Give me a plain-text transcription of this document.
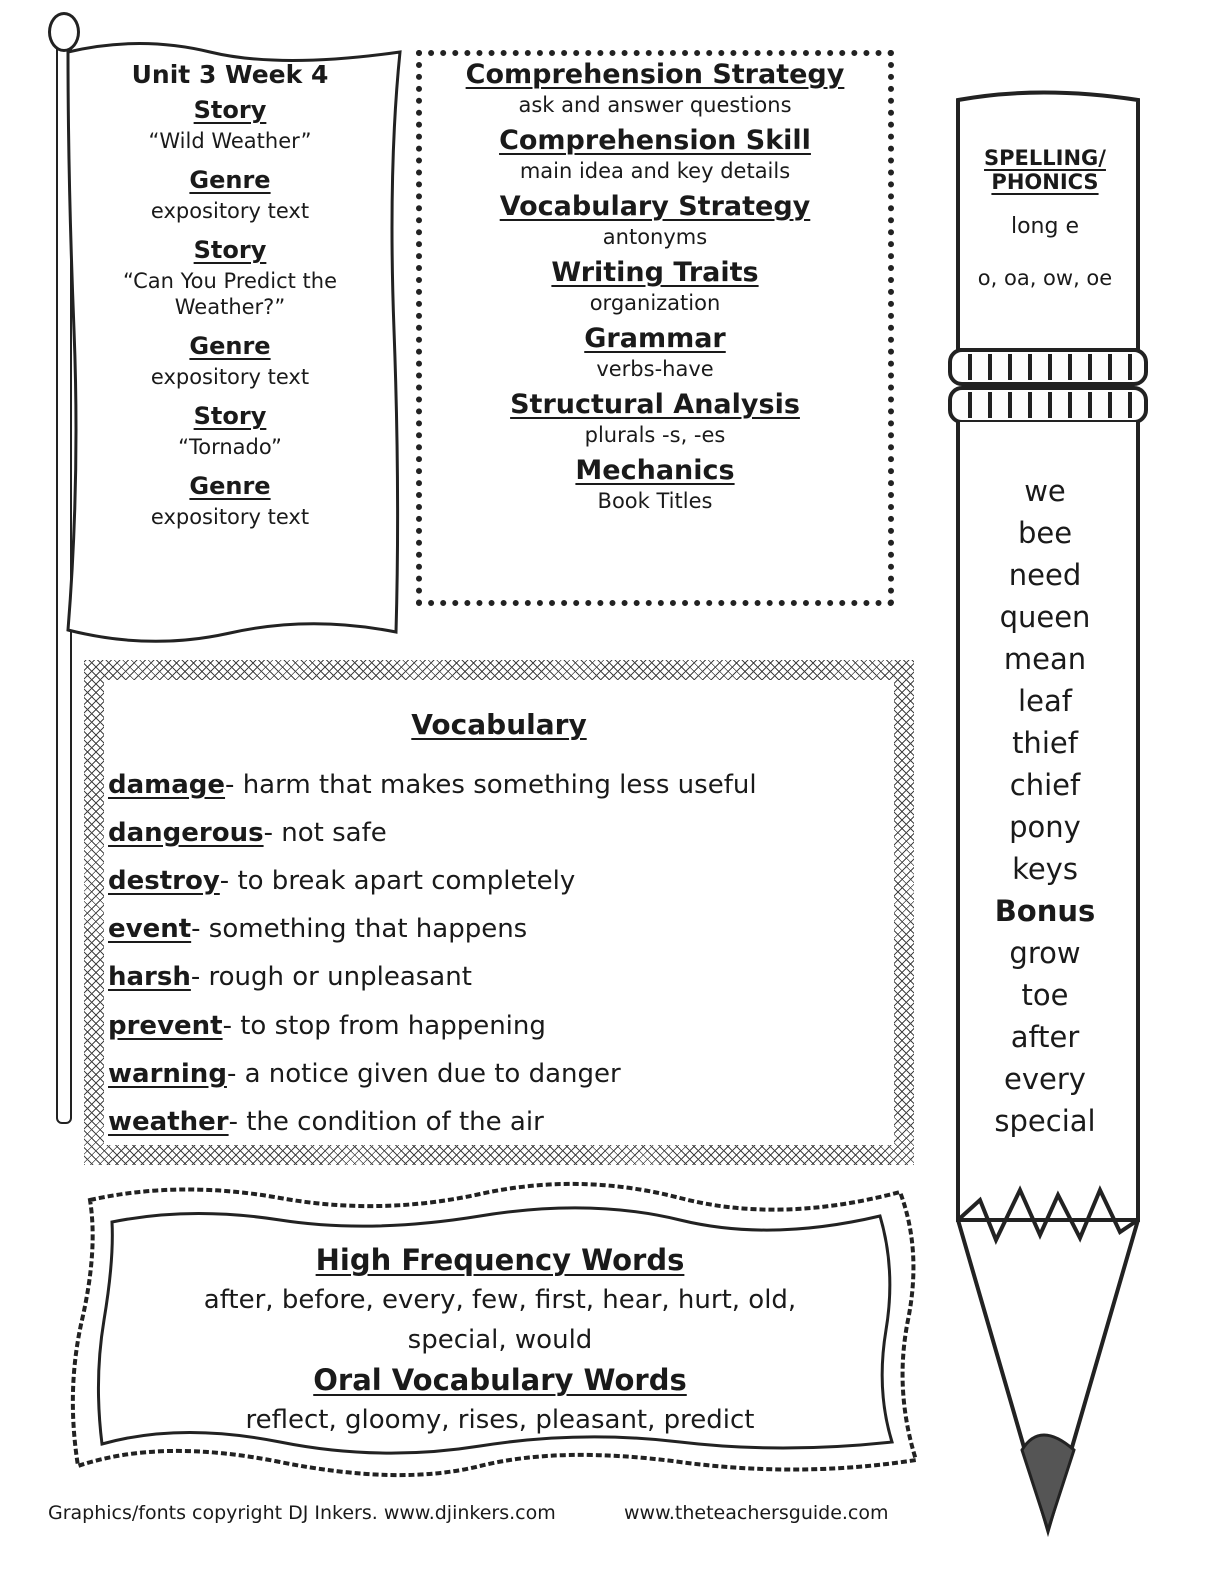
Unit 3 Week 4
Story
“Wild Weather”
Genre
expository text
Story
“Can You Predict the Weather?”
Genre
expository text
Story
“Tornado”
Genre
expository text
Comprehension Strategy
ask and answer questions
Comprehension Skill
main idea and key details
Vocabulary Strategy
antonyms
Writing Traits
organization
Grammar
verbs-have
Structural Analysis
plurals -s, -es
Mechanics
Book Titles
Vocabulary
damage- harm that makes something less useful
dangerous- not safe
destroy- to break apart completely
event- something that happens
harsh- rough or unpleasant
prevent- to stop from happening
warning- a notice given due to danger
weather- the condition of the air
High Frequency Words
after, before, every, few, first, hear, hurt, old,
special, would
Oral Vocabulary Words
reflect, gloomy, rises, pleasant, predict
SPELLING/
PHONICS
long e
o, oa, ow, oe
we
bee
need
queen
mean
leaf
thief
chief
pony
keys
Bonus
grow
toe
after
every
special
Graphics/fonts copyright DJ Inkers. www.djinkers.com	www.theteachersguide.com
